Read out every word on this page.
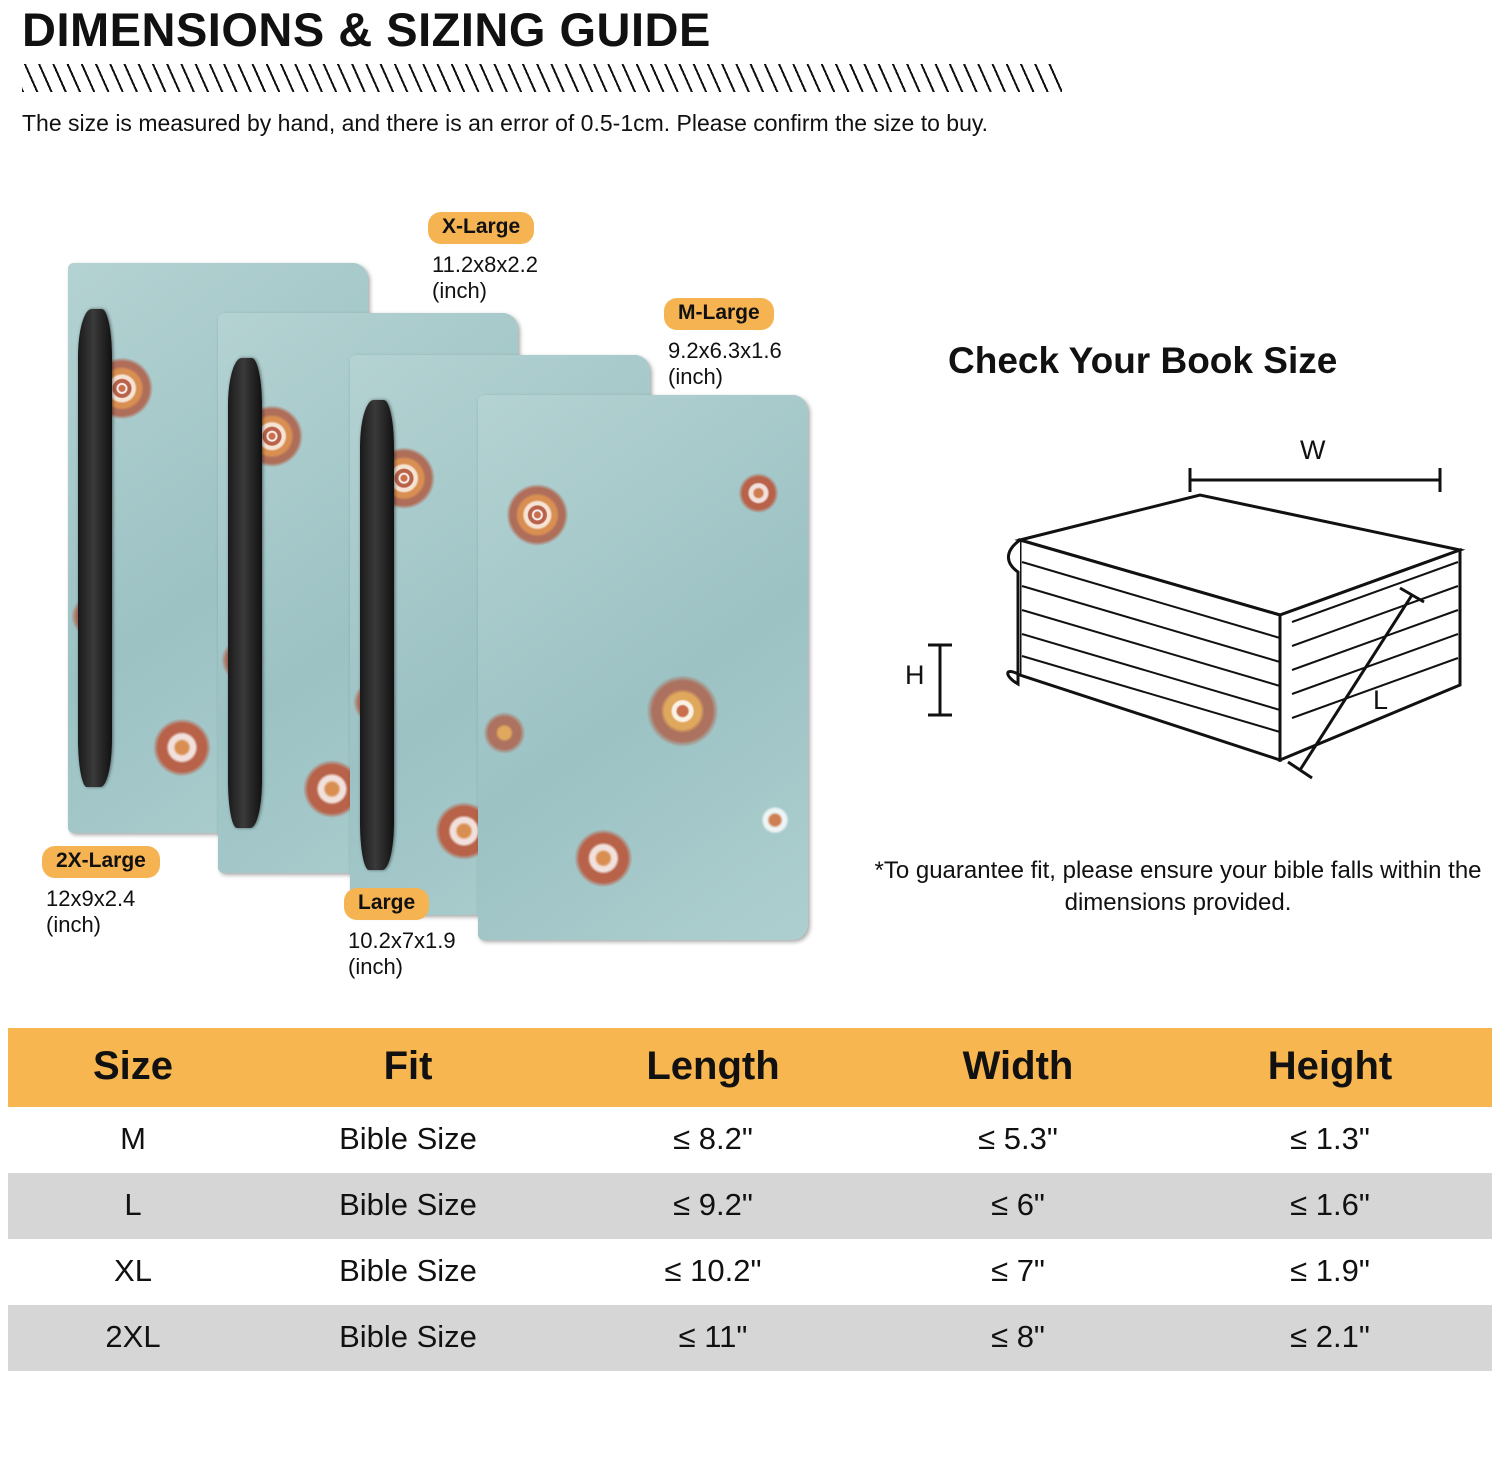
DIMENSIONS & SIZING GUIDE
The size is measured by hand, and there is an error of 0.5-1cm. Please confirm the size to buy.
X-Large
11.2x8x2.2
(inch)
M-Large
9.2x6.3x1.6
(inch)
2X-Large
12x9x2.4
(inch)
Large
10.2x7x1.9
(inch)
Check Your Book Size
W
H
L
*To guarantee fit, please ensure your bible falls within the dimensions provided.
Size	Fit	Length	Width	Height
M	Bible Size	≤ 8.2"	≤ 5.3"	≤ 1.3"
L	Bible Size	≤ 9.2"	≤ 6"	≤ 1.6"
XL	Bible Size	≤ 10.2"	≤ 7"	≤ 1.9"
2XL	Bible Size	≤ 11"	≤ 8"	≤ 2.1"
